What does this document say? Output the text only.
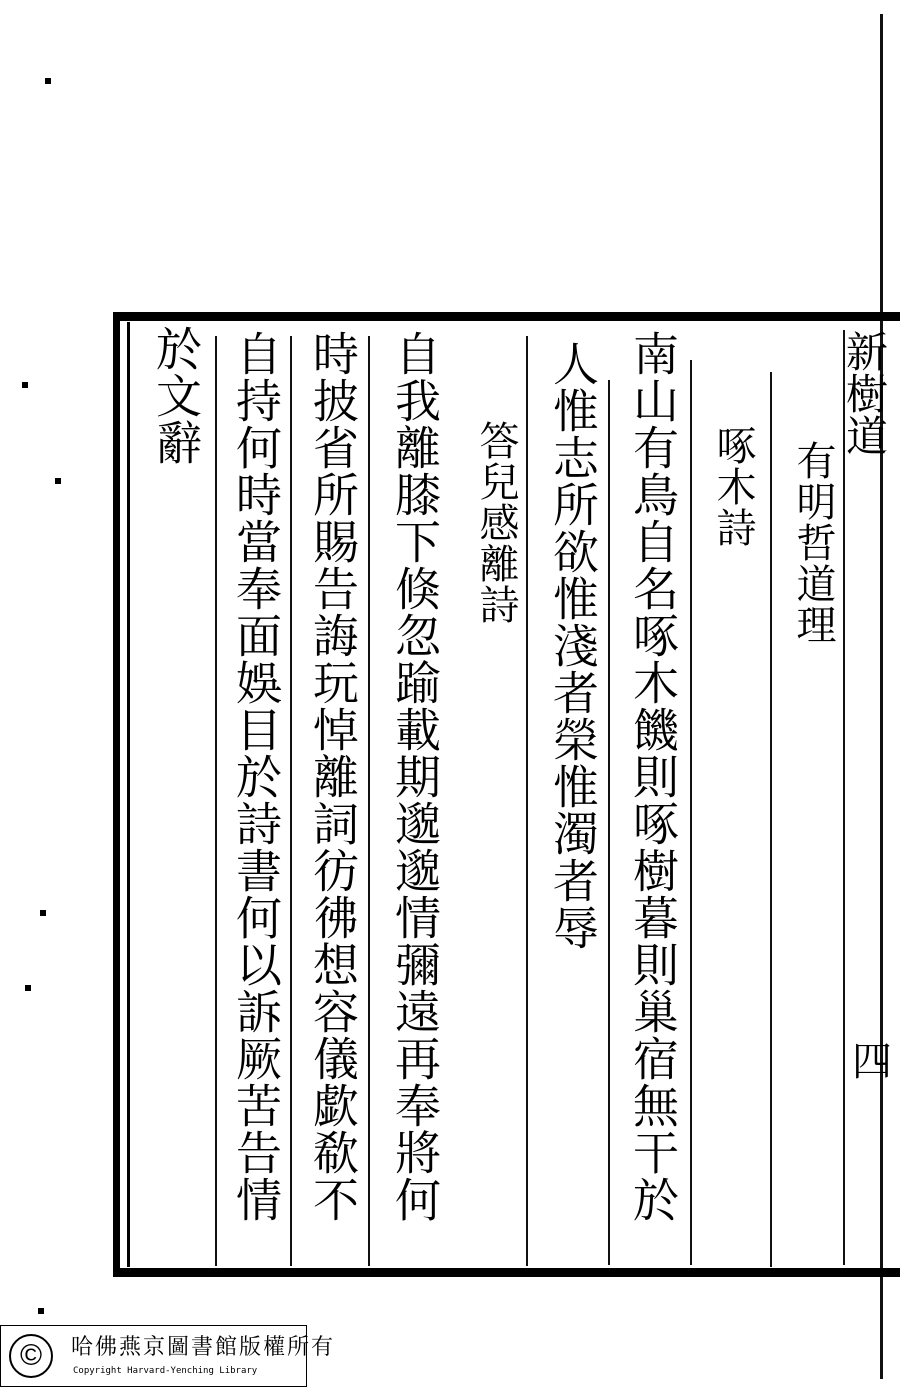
新樹道
四
有明哲道理
啄木詩
南山有鳥自名啄木饑則啄樹暮則巢宿無干於
人惟志所欲惟淺者榮惟濁者辱
答兒感離詩
自我離膝下倏忽踰載期邈邈情彌遠再奉將何
時披省所賜告誨玩悼離詞彷彿想容儀歔欷不
自持何時當奉面娛目於詩書何以訴厥苦告情
於文辭
©	哈佛燕京圖書館版權所有
Copyright Harvard-Yenching Library
